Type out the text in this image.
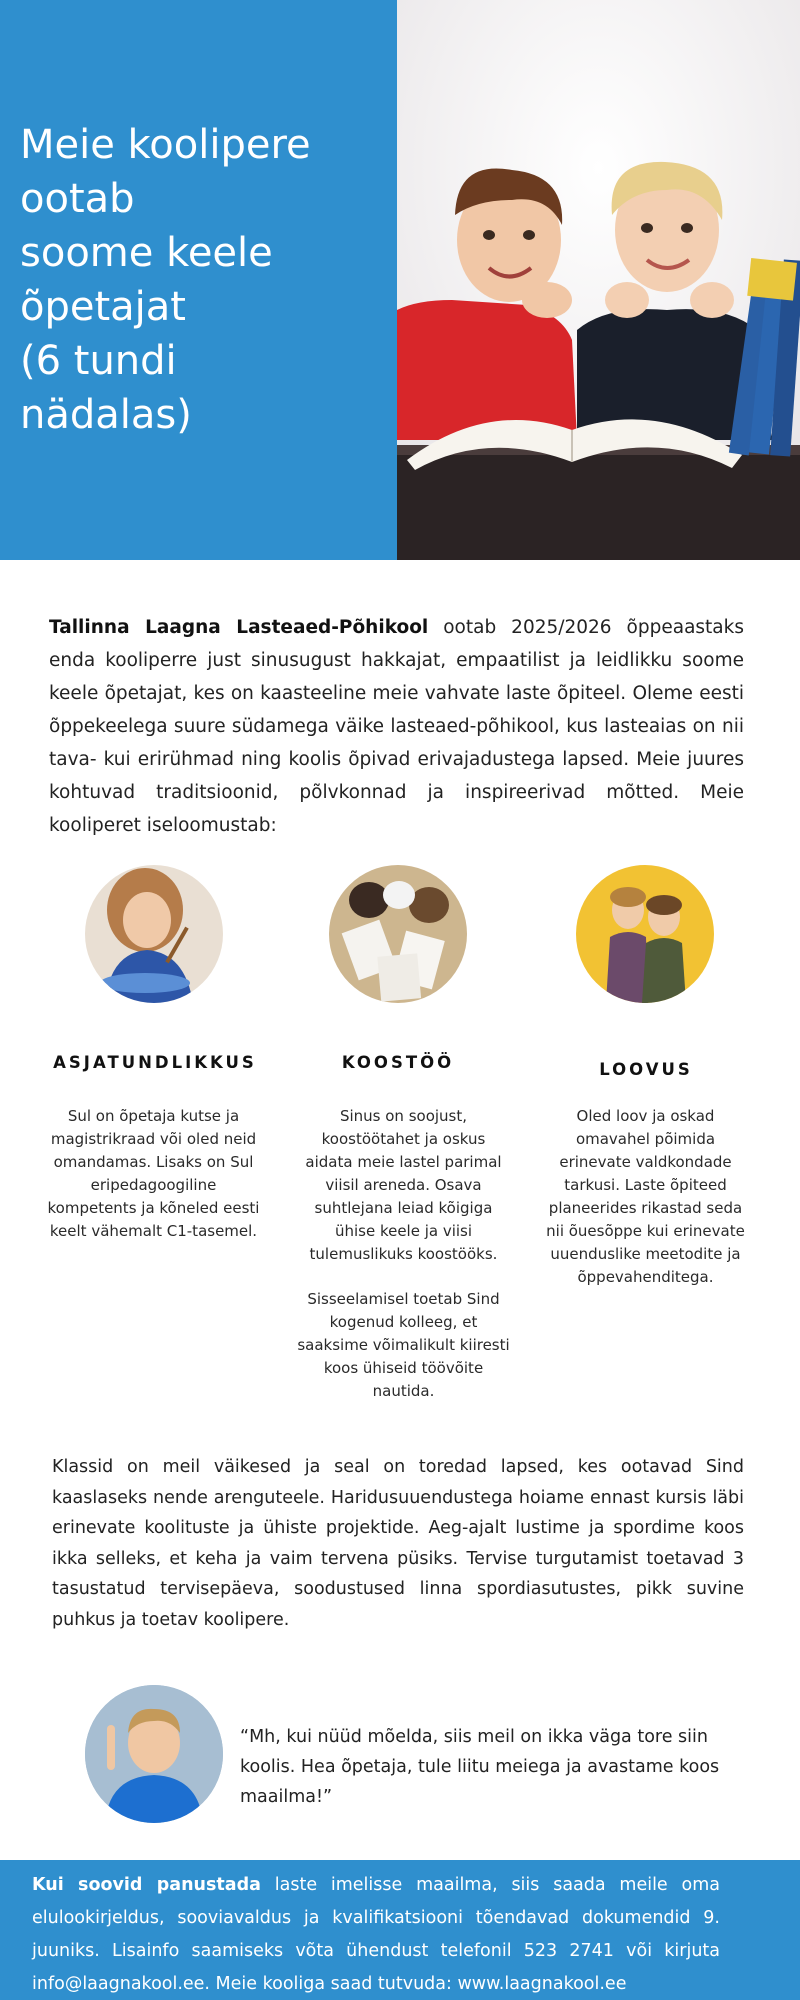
Meie koolipere
ootab
soome keele
õpetajat
(6 tundi
nädalas)

Tallinna Laagna Lasteaed-Põhikool ootab 2025/2026 õppeaastaks enda kooliperre just sinusugust hakkajat, empaatilist ja leidlikku soome keele õpetajat, kes on kaasteeline meie vahvate laste õpiteel. Oleme eesti õppekeelega suure südamega väike lasteaed-põhikool, kus lasteaias on nii tava- kui erirühmad ning koolis õpivad erivajadustega lapsed. Meie juures kohtuvad traditsioonid, põlvkonnad ja inspireerivad mõtted. Meie kooliperet iseloomustab:

ASJATUNDLIKKUS

Sul on õpetaja kutse ja magistrikraad või oled neid omandamas. Lisaks on Sul eripedagoogiline kompetents ja kõneled eesti keelt vähemalt C1-tasemel.

KOOSTÖÖ

Sinus on soojust, koostöötahet ja oskus aidata meie lastel parimal viisil areneda. Osava suhtlejana leiad kõigiga ühise keele ja viisi tulemuslikuks koostööks.

Sisseelamisel toetab Sind kogenud kolleeg, et saaksime võimalikult kiiresti koos ühiseid töövõite nautida.

LOOVUS

Oled loov ja oskad omavahel põimida erinevate valdkondade tarkusi. Laste õpiteed planeerides rikastad seda nii õuesõppe kui erinevate uuenduslike meetodite ja õppevahenditega.

Klassid on meil väikesed ja seal on toredad lapsed, kes ootavad Sind kaaslaseks nende arenguteele. Haridusuuendustega hoiame ennast kursis läbi erinevate koolituste ja ühiste projektide. Aeg-ajalt lustime ja spordime koos ikka selleks, et keha ja vaim tervena püsiks. Tervise turgutamist toetavad 3 tasustatud tervisepäeva, soodustused linna spordiasutustes, pikk suvine puhkus ja toetav koolipere.

“Mh, kui nüüd mõelda, siis meil on ikka väga tore siin koolis. Hea õpetaja, tule liitu meiega ja avastame koos maailma!”

Kui soovid panustada laste imelisse maailma, siis saada meile oma elulookirjeldus, sooviavaldus ja kvalifikatsiooni tõendavad dokumendid 9. juuniks. Lisainfo saamiseks võta ühendust telefonil 523 2741 või kirjuta info@laagnakool.ee. Meie kooliga saad tutvuda: www.laagnakool.ee
